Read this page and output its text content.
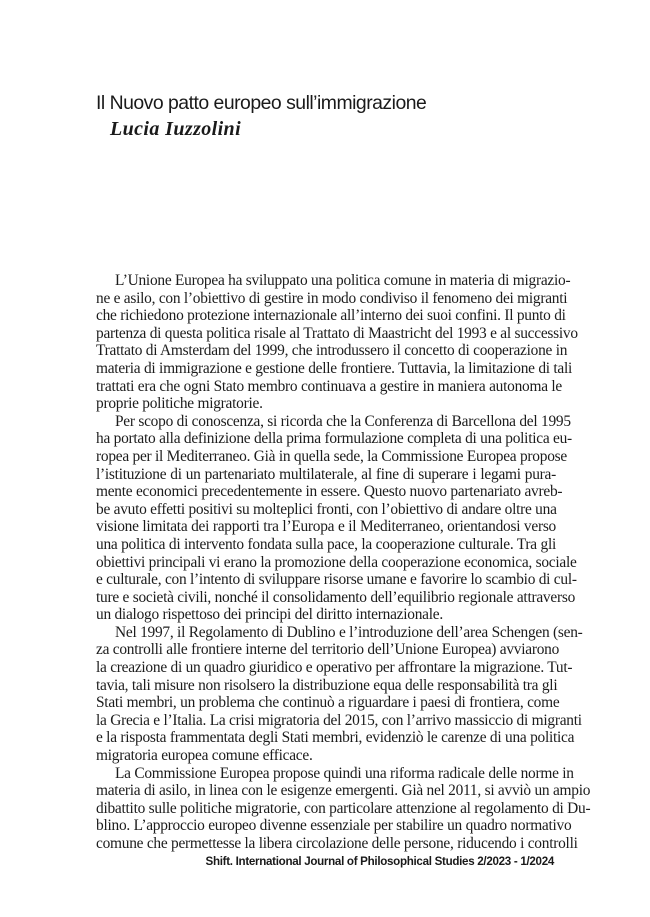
Il Nuovo patto europeo sull’immigrazione
Lucia Iuzzolini

L’Unione Europea ha sviluppato una politica comune in materia di migrazio-
ne e asilo, con l’obiettivo di gestire in modo condiviso il fenomeno dei migranti
che richiedono protezione internazionale all’interno dei suoi confini. Il punto di
partenza di questa politica risale al Trattato di Maastricht del 1993 e al successivo
Trattato di Amsterdam del 1999, che introdussero il concetto di cooperazione in
materia di immigrazione e gestione delle frontiere. Tuttavia, la limitazione di tali
trattati era che ogni Stato membro continuava a gestire in maniera autonoma le
proprie politiche migratorie.

Per scopo di conoscenza, si ricorda che la Conferenza di Barcellona del 1995
ha portato alla definizione della prima formulazione completa di una politica eu-
ropea per il Mediterraneo. Già in quella sede, la Commissione Europea propose
l’istituzione di un partenariato multilaterale, al fine di superare i legami pura-
mente economici precedentemente in essere. Questo nuovo partenariato avreb-
be avuto effetti positivi su molteplici fronti, con l’obiettivo di andare oltre una
visione limitata dei rapporti tra l’Europa e il Mediterraneo, orientandosi verso
una politica di intervento fondata sulla pace, la cooperazione culturale. Tra gli
obiettivi principali vi erano la promozione della cooperazione economica, sociale
e culturale, con l’intento di sviluppare risorse umane e favorire lo scambio di cul-
ture e società civili, nonché il consolidamento dell’equilibrio regionale attraverso
un dialogo rispettoso dei principi del diritto internazionale.

Nel 1997, il Regolamento di Dublino e l’introduzione dell’area Schengen (sen-
za controlli alle frontiere interne del territorio dell’Unione Europea) avviarono
la creazione di un quadro giuridico e operativo per affrontare la migrazione. Tut-
tavia, tali misure non risolsero la distribuzione equa delle responsabilità tra gli
Stati membri, un problema che continuò a riguardare i paesi di frontiera, come
la Grecia e l’Italia. La crisi migratoria del 2015, con l’arrivo massiccio di migranti
e la risposta frammentata degli Stati membri, evidenziò le carenze di una politica
migratoria europea comune efficace.

La Commissione Europea propose quindi una riforma radicale delle norme in
materia di asilo, in linea con le esigenze emergenti. Già nel 2011, si avviò un ampio
dibattito sulle politiche migratorie, con particolare attenzione al regolamento di Du-
blino. L’approccio europeo divenne essenziale per stabilire un quadro normativo
comune che permettesse la libera circolazione delle persone, riducendo i controlli

Shift. International Journal of Philosophical Studies 2/2023 - 1/2024
